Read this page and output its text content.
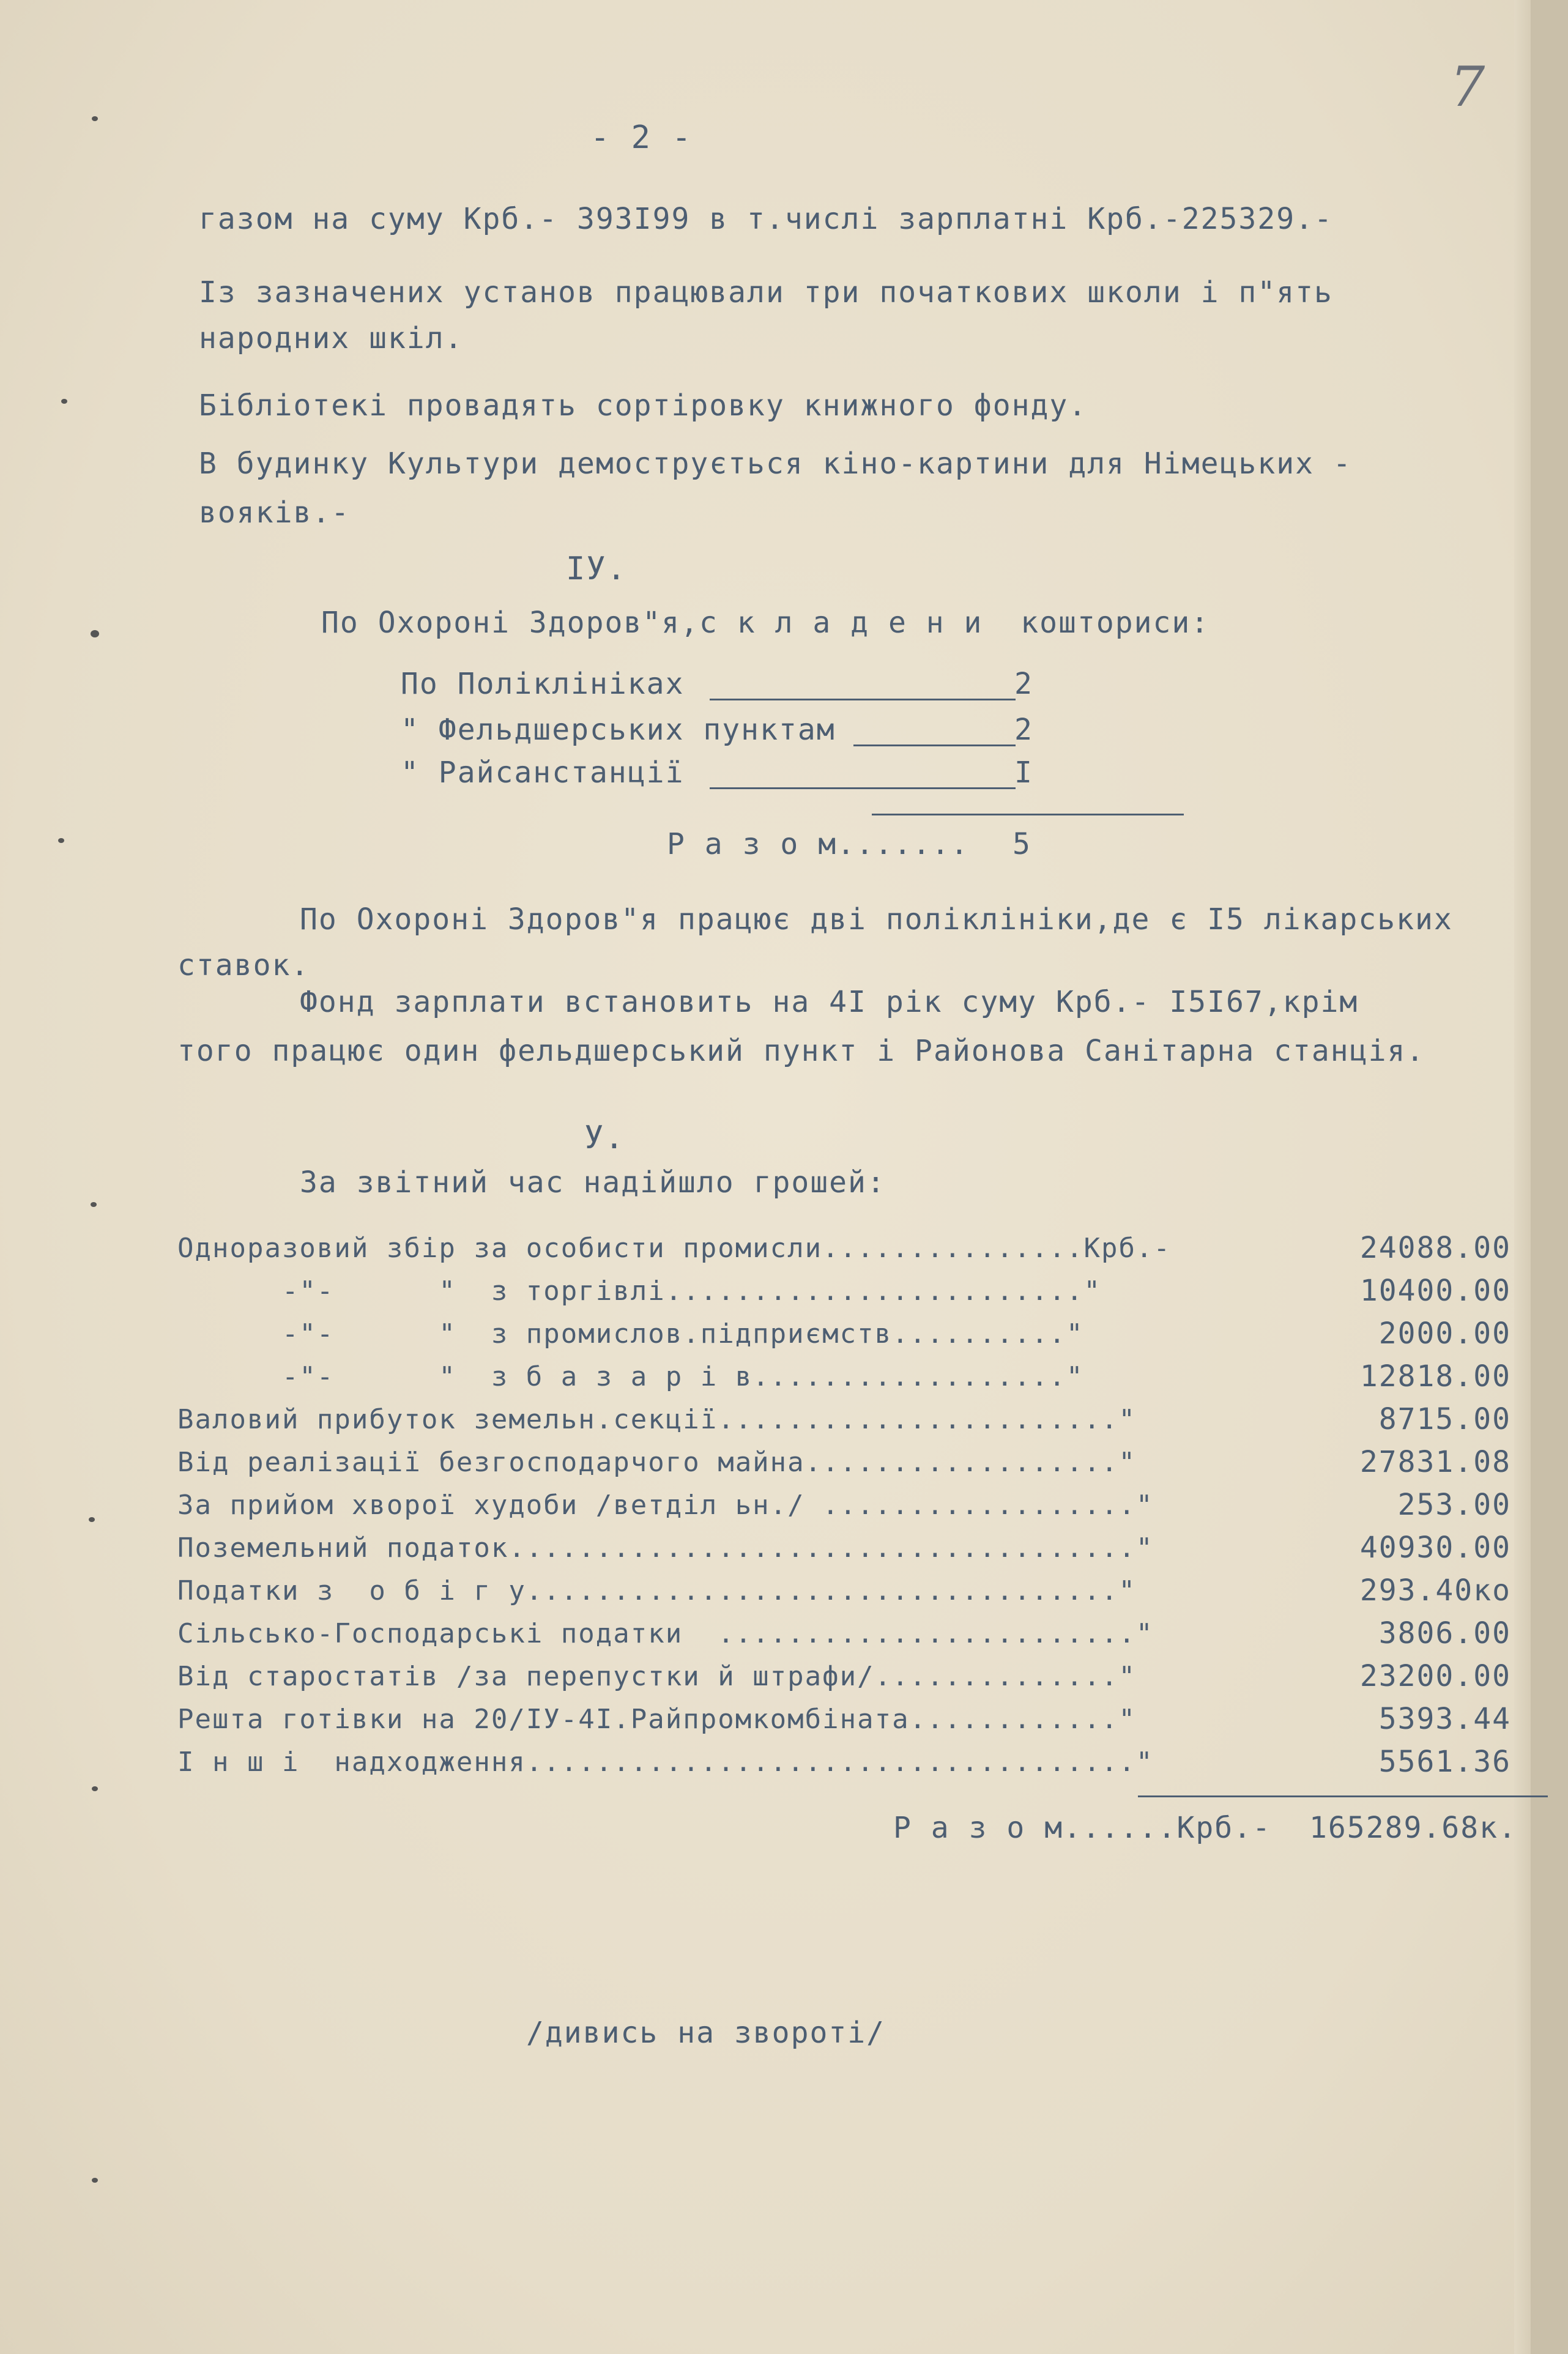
7
- 2 -
газом на суму Крб.- 393І99 в т.числі зарплатні Крб.-225329.-
Із зазначених установ працювали три початкових школи і п"ять
народних шкіл.
Бібліотекі провадять сортіровку книжного фонду.
В будинку Культури демострується кіно-картини для Німецьких -
вояків.-
ІУ.
По Охороні Здоров"я,с к л а д е н и  кошториси:
По Поліклініках	2
" Фельдшерських пунктам	2
" Райсанстанції	І
Р а з о м....... 5
По Охороні Здоров"я працює дві поліклініки,де є І5 лікарських
ставок.
Фонд зарплати встановить на 4І рік суму Крб.- І5І67,крім
того працює один фельдшерський пункт і Районова Санітарна станція.
У.
За звітний час надійшло грошей:
Одноразовий збір за особисти промисли...............Крб.-	24088.00
-"-      "  з торгівлі........................"	10400.00
-"-      "  з промислов.підприємств.........."	2000.00
-"-      "  з б а з а р і в.................."	12818.00
Валовий прибуток земельн.секції......................."	8715.00
Від реалізації безгосподарчого майна.................."	27831.08
За прийом хворої худоби /ветділ ьн./ .................."	253.00
Поземельний податок...................................."	40930.00
Податки з  о б і г у.................................."	293.40ко
Сільсько-Господарські податки  ........................"	3806.00
Від старостатів /за перепустки й штрафи/.............."	23200.00
Решта готівки на 20/ІУ-4І.Райпромкомбіната............"	5393.44
І н ш і  надходження..................................."	5561.36
Р а з о м......Крб.- 165289.68к.
/дивись на звороті/
